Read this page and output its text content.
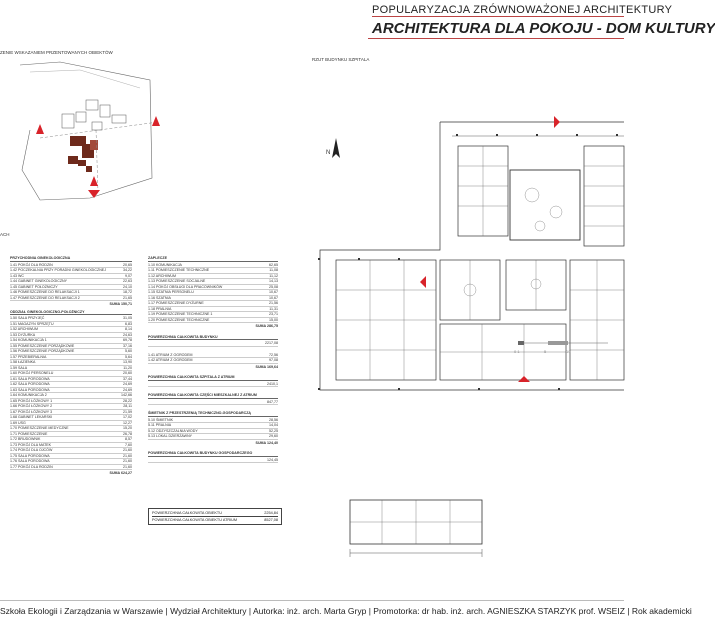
POPULARYZACJA ZRÓWNOWAŻONEJ ARCHITEKTURY
ARCHITEKTURA DLA POKOJU - DOM KULTURY
ZENIE WSKAZANIEM PRZENTOWANYCH OBIEKTÓW
RZUT BUDYNKU SZPITALA
ACH
PRZYCHODNIA GINEKOLOGICZNA
1.41 POKÓJ DLA RODZIN	20,65
1.42 POCZEKALNIA PRZY PORADNI GINEKOLOGICZNEJ	34,22
1.43 WC	9,07
1.44 GABINET GINEKOLOGICZNY	22,63
1.45 GABINET POŁOŻNICZY	24,10
1.46 POMIESZCZENIE DO RELAKSACJI 1	18,72
1.47 POMIESZCZENIE DO RELAKSACJI 2	21,65
SUMA 150,71
ODDZIAŁ GINEKOLOGICZNO-POŁOŻNICZY
1.50 SALA PRZYJĘĆ	31,05
1.51 MAGAZYN SPRZĘTU	6,83
1.52 ARCHIWUM	8,14
1.53 DYŻURKA	24,63
1.54 KOMUNIKACJA 1	69,78
1.55 POMIESZCZENIE PORZĄDKOWE	37,16
1.56 POMIESZCZENIE PORZĄDKOWE	5,60
1.57 PRZEBIERALNIA	5,64
1.58 ŁAZIENKA	13,90
1.59 SALA	11,20
1.60 POKÓJ PERSONELU	20,60
1.61 SALA PORODOWA	37,44
1.62 SALA PORODOWA	24,69
1.63 SALA PORODOWA	24,69
1.64 KOMUNIKACJA 2	142,66
1.65 POKÓJ ŁÓŻKOWY 1	28,22
1.66 POKÓJ ŁÓŻKOWY 2	28,11
1.67 POKÓJ ŁÓŻKOWY 3	21,59
1.68 GABINET LEKARSKI	17,02
1.69 USG	12,27
1.70 POMIESZCZENIE MEDYCZNE	15,20
1.71 POMIESZCZENIE	26,78
1.72 BRUDOWNIK	8,57
1.73 POKÓJ DLA MATEK	7,60
1.74 POKÓJ DLA OJCÓW	21,60
1.75 SALA PORODOWA	21,60
1.76 SALA PORODOWA	21,60
1.77 POKÓJ DLA RODZIN	21,60
SUMA 624,27
ZAPLECZE
1.10 KOMUNIKACJA	62,65
1.11 POMIESZCZENIE TECHNICZNE	11,08
1.12 ARCHIWUM	11,12
1.13 POMIESZCZENIE SOCJALNE	14,13
1.14 POKÓJ OBSŁUGI DLA PRACOWNIKÓW	25,08
1.15 SZATNIA PERSONELU	10,67
1.16 SZATNIA	10,67
1.17 POMIESZCZENIE DYŻURNE	21,56
1.18 PRALNIA	11,31
1.19 POMIESZCZENIE TECHNICZNE 1	23,71
1.20 POMIESZCZENIE TECHNICZNE	15,00
SUMA 286,75
POWIERZCHNIA CAŁKOWITA BUDYNKU
2217,08
1.41 ATRIUM Z OGRODEM	72,56
1.42 ATRIUM Z OGRODEM	97,08
SUMA 169,64
POWIERZCHNIA CAŁKOWITA SZPITALA Z ATRIUM
2410,1
POWIERZCHNIA CAŁKOWITA CZĘŚCI MIESZKALNEJ Z ATRIUM
847,77
ŚMIETNIK Z PRZESTRZENIĄ TECHNICZNO-GOSPODARCZĄ
5.10 ŚMIETNIK	28,56
5.11 PRALNIA	14,04
5.12 ODZYSZCZALNIA WODY	52,25
5.13 LOKAL DZIERŻAWNY	29,60
SUMA 124,40
POWIERZCHNIA CAŁKOWITA BUDYNKU GOSPODARCZEGO
124,45
POWIERZCHNIA CAŁKOWITA OBIEKTU	2254,84
POWIERZCHNIA CAŁKOWITA OBIEKTU ATRIUM	8527,08
N
0 1	5	10
Szkoła Ekologii i Zarządzania w Warszawie | Wydział Architektury | Autorka: inż. arch. Marta Gryp | Promotorka: dr hab. inż. arch. AGNIESZKA STARZYK prof. WSEIZ | Rok akademicki
